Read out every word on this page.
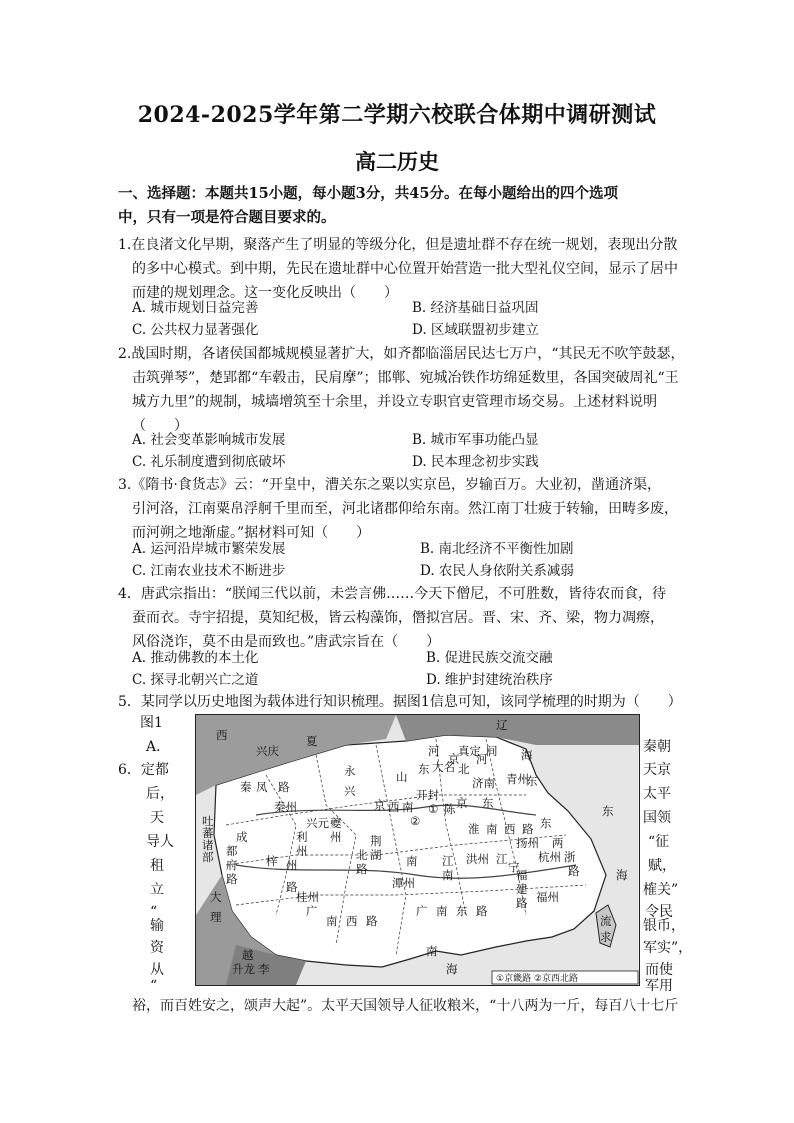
2024-2025学年第二学期六校联合体期中调研测试
高二历史
一、选择题：本题共15小题，每小题3分，共45分。在每小题给出的四个选项
中，只有一项是符合题目要求的。
1.在良渚文化早期，聚落产生了明显的等级分化，但是遗址群不存在统一规划，表现出分散
的多中心模式。到中期，先民在遗址群中心位置开始营造一批大型礼仪空间，显示了居中
而建的规划理念。这一变化反映出（　　）
A. 城市规划日益完善	B. 经济基础日益巩固
C. 公共权力显著强化	D. 区域联盟初步建立
2.战国时期，各诸侯国都城规模显著扩大，如齐都临淄居民达七万户，“其民无不吹竽鼓瑟，
击筑弹琴”，楚郢都“车毂击，民肩摩”；邯郸、宛城冶铁作坊绵延数里，各国突破周礼“王
城方九里”的规制，城墙增筑至十余里，并设立专职官吏管理市场交易。上述材料说明
（　　）
A. 社会变革影响城市发展	B. 城市军事功能凸显
C. 礼乐制度遭到彻底破坏	D. 民本理念初步实践
3.《隋书·食货志》云：“开皇中，漕关东之粟以实京邑，岁输百万。大业初，凿通济渠，
引河洛，江南粟帛浮舸千里而至，河北诸郡仰给东南。然江南丁壮疲于转输，田畴多废，
而河朔之地渐虚。”据材料可知（　　）
A. 运河沿岸城市繁荣发展	B. 南北经济不平衡性加剧
C. 江南农业技术不断进步	D. 农民人身依附关系减弱
4．唐武宗指出：“朕闻三代以前，未尝言佛……今天下僧尼，不可胜数，皆待农而食，待
蚕而衣。寺宇招提，莫知纪极，皆云构藻饰，僭拟宫居。晋、宋、齐、梁，物力凋瘵，
风俗浇诈，莫不由是而致也。”唐武宗旨在（　　）
A. 推动佛教的本土化	B. 促进民族交流交融
C. 探寻北朝兴亡之道	D. 维护封建统治秩序
5．某同学以历史地图为载体进行知识梳理。据图1信息可知，该同学梳理的时期为（　　）
图1
A．	秦朝
6．定都
后，
天
导人
租
立
“
输
资
从
“
天京
太平
国领
“征
赋，
榷关”
令民
银币，
军实”，
而使
军用
辽
西
兴庆
夏
海
河
东 大名 北
京
真定
河
间
东
山
永
兴
秦 凤 路
京 西 南	京 东
济南 青州
秦州
兴元
开封
①
②
陈
吐
蕃
诸
部
成
都
府
路
利
州
梓 州
路
淮 南 西 路 东
江
南
荆
湖
北
路
南
大
理	广
南 西 路
桂州
广 南 东 路
福
建
路 福州
两
浙
路
杭州
扬州
东
海
流
求
越
李
升龙
南
海
夔
州
潭州
洪州 江
宁
①京畿路 ②京西北路
裕，而百姓安之，颂声大起”。太平天国领导人征收粮米，“十八两为一斤，每百八十七斤
